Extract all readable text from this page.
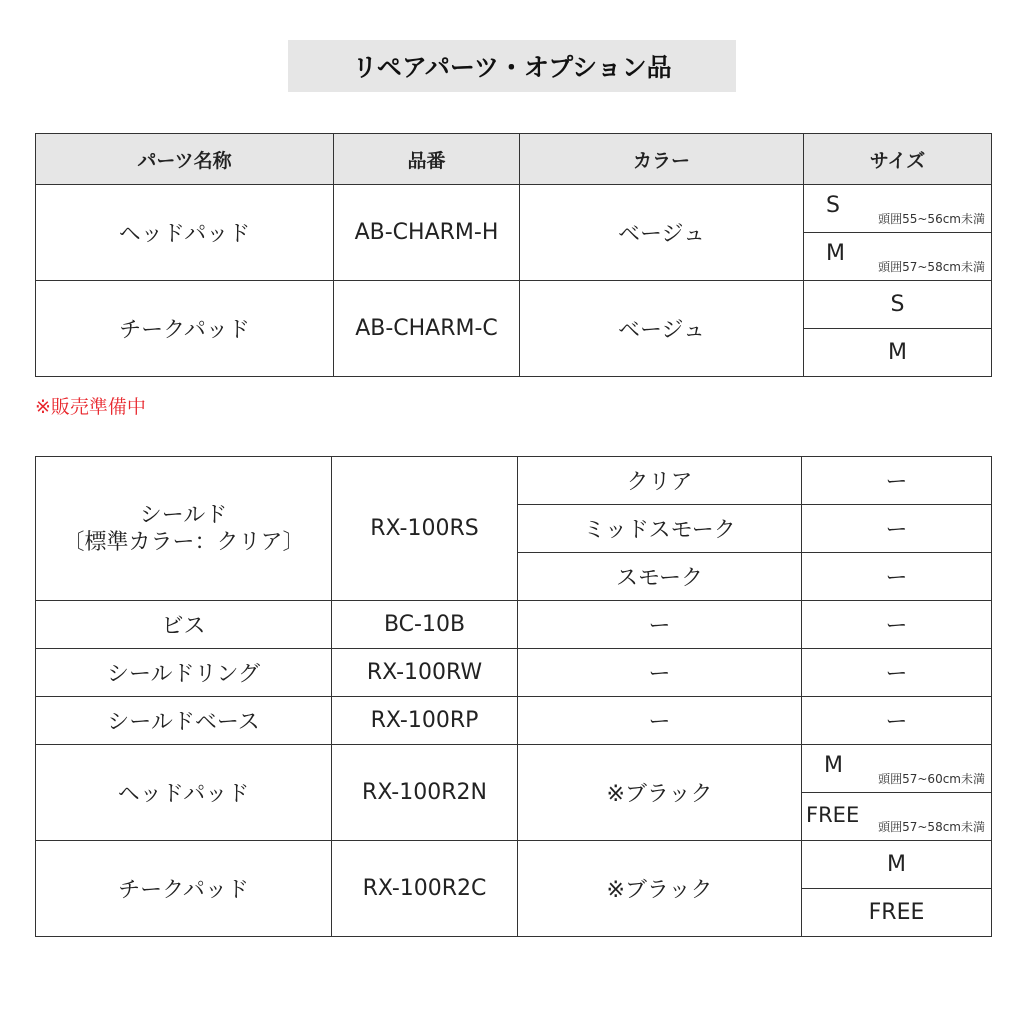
リペアパーツ・オプション品
パーツ名称	品番	カラー	サイズ
ヘッドパッド	AB-CHARM-H	ベージュ	S
頭囲55~56cm未満

			M
頭囲57~58cm未満

チークパッド	AB-CHARM-C	ベージュ	S
			M
※販売準備中
シールド
〔標準カラー：クリア〕	RX-100RS	クリア	ー
		ミッドスモーク	ー
		スモーク	ー
ビス	BC-10B	ー	ー
シールドリング	RX-100RW	ー	ー
シールドベース	RX-100RP	ー	ー
ヘッドパッド	RX-100R2N	※ブラック	M
頭囲57~60cm未満

			FREE 頭囲57~58cm未満

チークパッド	RX-100R2C	※ブラック	M
			FREE
